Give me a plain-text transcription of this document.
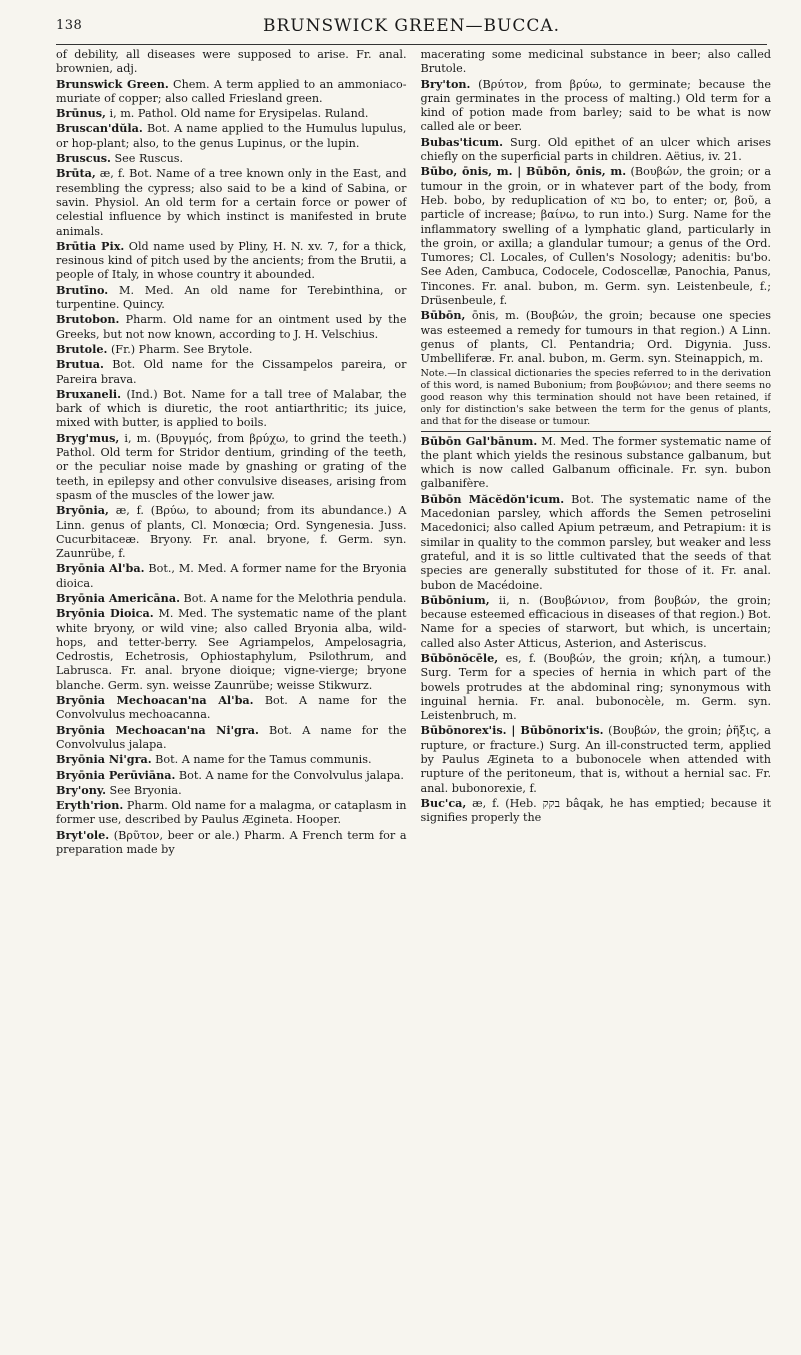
138	BRUNSWICK GREEN—BUCCA.

of debility, all diseases were supposed to arise. Fr. anal. brownien, adj.

Brunswick Green. Chem. A term applied to an ammoniaco-muriate of copper; also called Friesland green.

Brūnus, i, m. Pathol. Old name for Erysipelas. Ruland.

Bruscan'dŭla. Bot. A name applied to the Humulus lupulus, or hop-plant; also, to the genus Lupinus, or the lupin.

Bruscus. See Ruscus.

Brūta, æ, f. Bot. Name of a tree known only in the East, and resembling the cypress; also said to be a kind of Sabina, or savin. Physiol. An old term for a certain force or power of celestial influence by which instinct is manifested in brute animals.

Brūtia Pix. Old name used by Pliny, H. N. xv. 7, for a thick, resinous kind of pitch used by the ancients; from the Brutii, a people of Italy, in whose country it abounded.

Brutīno. M. Med. An old name for Terebinthina, or turpentine. Quincy.

Brutobon. Pharm. Old name for an ointment used by the Greeks, but not now known, according to J. H. Velschius.

Brutole. (Fr.) Pharm. See Brytole.

Brutua. Bot. Old name for the Cissampelos pareira, or Pareira brava.

Bruxaneli. (Ind.) Bot. Name for a tall tree of Malabar, the bark of which is diuretic, the root antiarthritic; its juice, mixed with butter, is applied to boils.

Bryg'mus, i, m. (Βρυγμός, from βρύχω, to grind the teeth.) Pathol. Old term for Stridor dentium, grinding of the teeth, or the peculiar noise made by gnashing or grating of the teeth, in epilepsy and other convulsive diseases, arising from spasm of the muscles of the lower jaw.

Bryōnia, æ, f. (Βρύω, to abound; from its abundance.) A Linn. genus of plants, Cl. Monœcia; Ord. Syngenesia. Juss. Cucurbitaceæ. Bryony. Fr. anal. bryone, f. Germ. syn. Zaunrübe, f.

Bryōnia Al'ba. Bot., M. Med. A former name for the Bryonia dioica.

Bryōnia Americāna. Bot. A name for the Melothria pendula.

Bryōnia Dioica. M. Med. The systematic name of the plant white bryony, or wild vine; also called Bryonia alba, wild-hops, and tetter-berry. See Agriampelos, Ampelosagria, Cedrostis, Echetrosis, Ophiostaphylum, Psilothrum, and Labrusca. Fr. anal. bryone dioique; vigne-vierge; bryone blanche. Germ. syn. weisse Zaunrübe; weisse Stikwurz.

Bryōnia Mechoacan'na Al'ba. Bot. A name for the Convolvulus mechoacanna.

Bryōnia Mechoacan'na Ni'gra. Bot. A name for the Convolvulus jalapa.

Bryōnia Ni'gra. Bot. A name for the Tamus communis.

Bryōnia Perūviāna. Bot. A name for the Convolvulus jalapa.

Bry'ony. See Bryonia.

Eryth'rion. Pharm. Old name for a malagma, or cataplasm in former use, described by Paulus Ægineta. Hooper.

Bryt'ole. (Βρῦτον, beer or ale.) Pharm. A French term for a preparation made by

macerating some medicinal substance in beer; also called Brutole.

Bry'ton. (Βρύτον, from βρύω, to germinate; because the grain germinates in the process of malting.) Old term for a kind of potion made from barley; said to be what is now called ale or beer.

Bubas'ticum. Surg. Old epithet of an ulcer which arises chiefly on the superficial parts in children. Aëtius, iv. 21.

Būbo, ōnis, m. | Būbōn, ōnis, m. (Βουβών, the groin; or a tumour in the groin, or in whatever part of the body, from Heb. bobo, by reduplication of בוא bo, to enter; or, βοῦ, a particle of increase; βαίνω, to run into.) Surg. Name for the inflammatory swelling of a lymphatic gland, particularly in the groin, or axilla; a glandular tumour; a genus of the Ord. Tumores; Cl. Locales, of Cullen's Nosology; adenitis: bu'bo. See Aden, Cambuca, Codocele, Codoscellæ, Panochia, Panus, Tincones. Fr. anal. bubon, m. Germ. syn. Leistenbeule, f.; Drüsenbeule, f.

Būbōn, ōnis, m. (Βουβών, the groin; because one species was esteemed a remedy for tumours in that region.) A Linn. genus of plants, Cl. Pentandria; Ord. Digynia. Juss. Umbelliferæ. Fr. anal. bubon, m. Germ. syn. Steinappich, m.

Note.—In classical dictionaries the species referred to in the derivation of this word, is named Bubonium; from βουβώνιον; and there seems no good reason why this termination should not have been retained, if only for distinction's sake between the term for the genus of plants, and that for the disease or tumour.

Būbōn Gal'bānum. M. Med. The former systematic name of the plant which yields the resinous substance galbanum, but which is now called Galbanum officinale. Fr. syn. bubon galbanifère.

Būbōn Măcĕdŏn'icum. Bot. The systematic name of the Macedonian parsley, which affords the Semen petroselini Macedonici; also called Apium petræum, and Petrapium: it is similar in quality to the common parsley, but weaker and less grateful, and it is so little cultivated that the seeds of that species are generally substituted for those of it. Fr. anal. bubon de Macédoine.

Būbōnium, ii, n. (Βουβώνιον, from βουβών, the groin; because esteemed efficacious in diseases of that region.) Bot. Name for a species of starwort, but which, is uncertain; called also Aster Atticus, Asterion, and Asteriscus.

Būbōnŏcēle, es, f. (Βουβών, the groin; κήλη, a tumour.) Surg. Term for a species of hernia in which part of the bowels protrudes at the abdominal ring; synonymous with inguinal hernia. Fr. anal. bubonocèle, m. Germ. syn. Leistenbruch, m.

Būbōnorex'is. | Būbōnorix'is. (Βουβών, the groin; ῥῆξις, a rupture, or fracture.) Surg. An ill-constructed term, applied by Paulus Ægineta to a bubonocele when attended with rupture of the peritoneum, that is, without a hernial sac. Fr. anal. bubonorexie, f.

Buc'ca, æ, f. (Heb. בקק bâqak, he has emptied; because it signifies properly the
